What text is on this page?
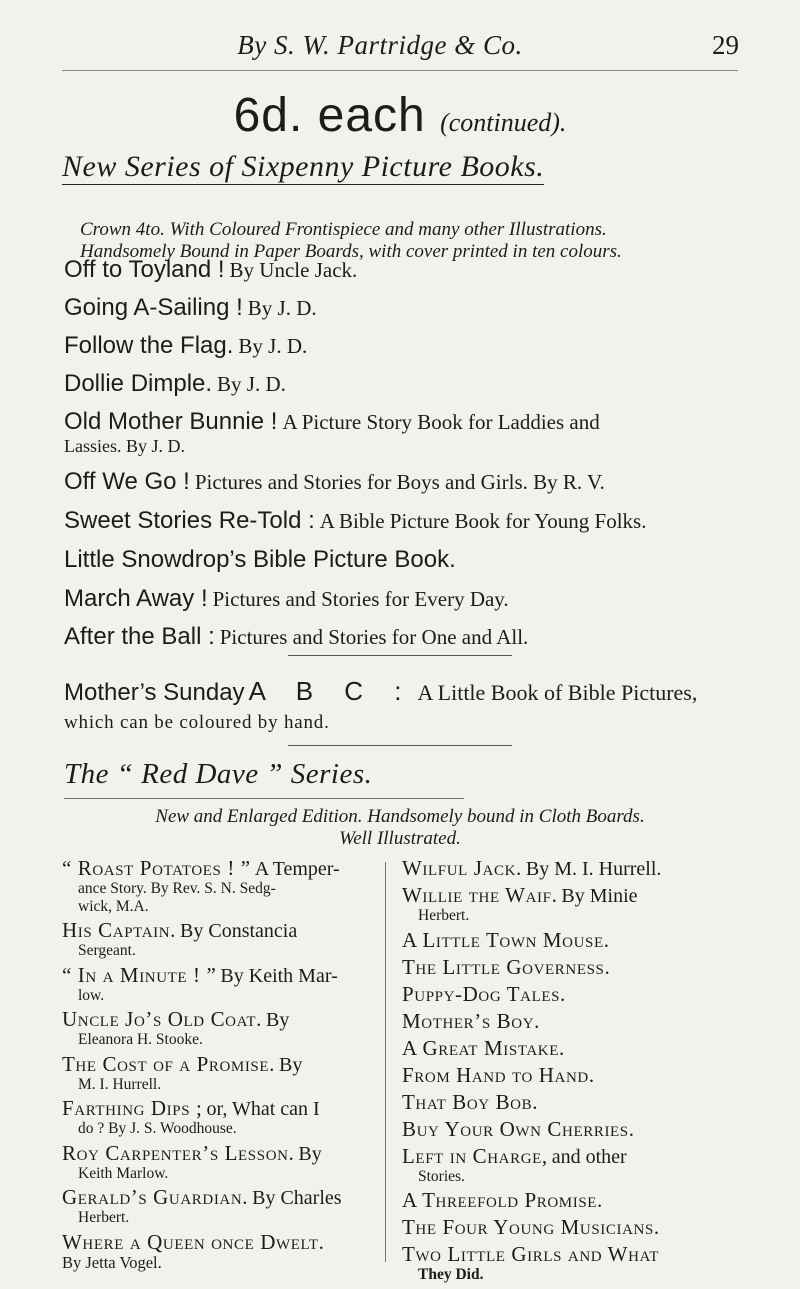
By S. W. Partridge & Co.	29
6d. each (continued).
New Series of Sixpenny Picture Books.
Crown 4to. With Coloured Frontispiece and many other Illustrations.
Handsomely Bound in Paper Boards, with cover printed in ten colours.
Off to Toyland ! By Uncle Jack.
Going A-Sailing ! By J. D.
Follow the Flag. By J. D.
Dollie Dimple. By J. D.
Old Mother Bunnie ! A Picture Story Book for Laddies and
Lassies. By J. D.
Off We Go ! Pictures and Stories for Boys and Girls. By R. V.
Sweet Stories Re-Told : A Bible Picture Book for Young Folks.
Little Snowdrop’s Bible Picture Book.
March Away ! Pictures and Stories for Every Day.
After the Ball : Pictures and Stories for One and All.
Mother’s Sunday A B C : A Little Book of Bible Pictures,
which can be coloured by hand.
The “ Red Dave ” Series.
New and Enlarged Edition. Handsomely bound in Cloth Boards.
Well Illustrated.
“ Roast Potatoes ! ” A Temper-
ance Story. By Rev. S. N. Sedg-
wick, M.A.
His Captain. By Constancia
Sergeant.
“ In a Minute ! ” By Keith Mar-
low.
Uncle Jo’s Old Coat. By
Eleanora H. Stooke.
The Cost of a Promise. By
M. I. Hurrell.
Farthing Dips ; or, What can I
do ? By J. S. Woodhouse.
Roy Carpenter’s Lesson. By
Keith Marlow.
Gerald’s Guardian. By Charles
Herbert.
Where a Queen once Dwelt.
By Jetta Vogel.
Wilful Jack. By M. I. Hurrell.
Willie the Waif. By Minie
Herbert.
A Little Town Mouse.
The Little Governess.
Puppy-Dog Tales.
Mother’s Boy.
A Great Mistake.
From Hand to Hand.
That Boy Bob.
Buy Your Own Cherries.
Left in Charge, and other
Stories.
A Threefold Promise.
The Four Young Musicians.
Two Little Girls and What
They Did.
